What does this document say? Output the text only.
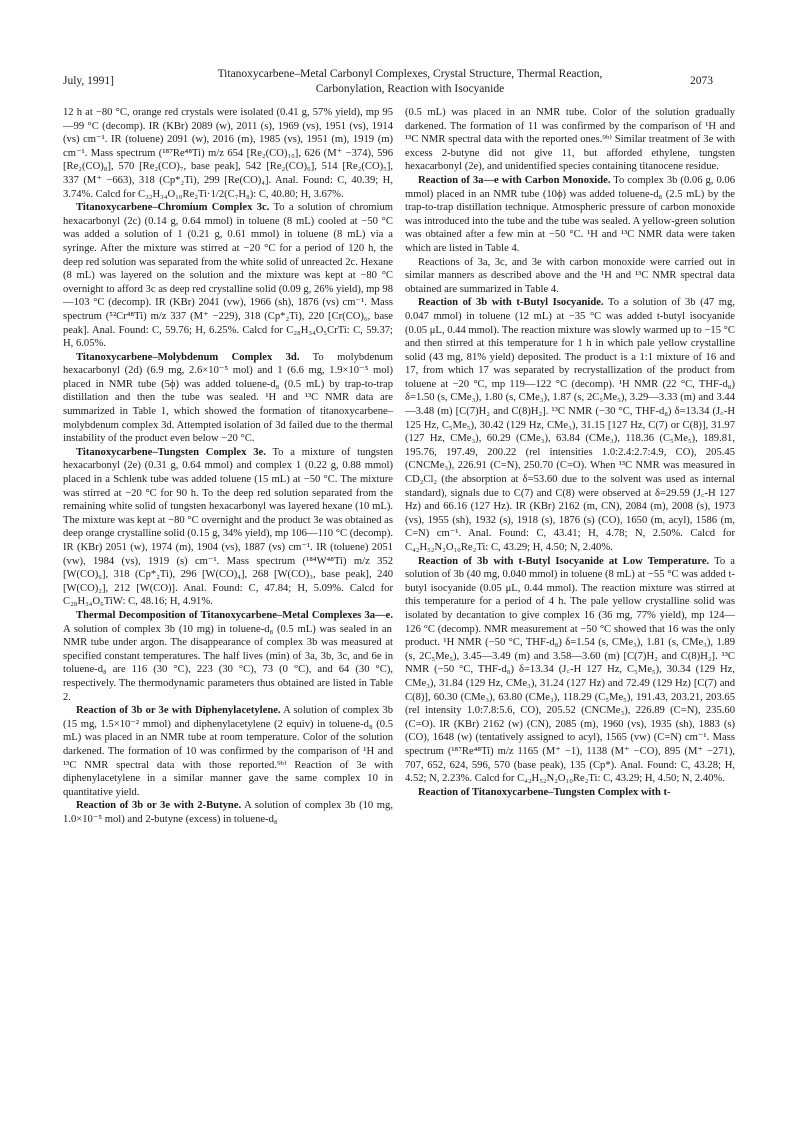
July, 1991]
Titanoxycarbene–Metal Carbonyl Complexes, Crystal Structure, Thermal Reaction,
Carbonylation, Reaction with Isocyanide
2073

12 h at −80 °C, orange red crystals were isolated (0.41 g, 57% yield), mp 95—99 °C (decomp). IR (KBr) 2089 (w), 2011 (s), 1969 (vs), 1951 (vs), 1914 (vs) cm⁻¹. IR (toluene) 2091 (w), 2016 (m), 1985 (vs), 1951 (m), 1919 (m) cm⁻¹. Mass spectrum (¹⁸⁷Re⁴⁸Ti) m/z 654 [Re₂(CO)₁₀], 626 (M⁺ −374), 596 [Re₂(CO)₈], 570 [Re₂(CO)₇, base peak], 542 [Re₂(CO)₆], 514 [Re₂(CO)₅], 337 (M⁺ −663), 318 (Cp*₂Ti), 299 [Re(CO)₄]. Anal. Found: C, 40.39; H, 3.74%. Calcd for C₃₂H₃₄O₁₀Re₂Ti·1/2(C₇H₈): C, 40.80; H, 3.67%.

Titanoxycarbene–Chromium Complex 3c. To a solution of chromium hexacarbonyl (2c) (0.14 g, 0.64 mmol) in toluene (8 mL) cooled at −50 °C was added a solution of 1 (0.21 g, 0.61 mmol) in toluene (8 mL) via a syringe. After the mixture was stirred at −20 °C for a period of 120 h, the deep red solution was separated from the white solid of unreacted 2c. Hexane (8 mL) was layered on the solution and the mixture was kept at −80 °C overnight to afford 3c as deep red crystalline solid (0.09 g, 26% yield), mp 98—103 °C (decomp). IR (KBr) 2041 (vw), 1966 (sh), 1876 (vs) cm⁻¹. Mass spectrum (⁵²Cr⁴⁸Ti) m/z 337 (M⁺ −229), 318 (Cp*₂Ti), 220 [Cr(CO)₆, base peak]. Anal. Found: C, 59.76; H, 6.25%. Calcd for C₂₈H₃₄O₅CrTi: C, 59.37; H, 6.05%.

Titanoxycarbene–Molybdenum Complex 3d. To molybdenum hexacarbonyl (2d) (6.9 mg, 2.6×10⁻⁵ mol) and 1 (6.6 mg, 1.9×10⁻⁵ mol) placed in NMR tube (5ϕ) was added toluene-d₈ (0.5 mL) by trap-to-trap distillation and then the tube was sealed. ¹H and ¹³C NMR data are summarized in Table 1, which showed the formation of titanoxycarbene–molybdenum complex 3d. Attempted isolation of 3d failed due to the thermal instability of the product even below −20 °C.

Titanoxycarbene–Tungsten Complex 3e. To a mixture of tungsten hexacarbonyl (2e) (0.31 g, 0.64 mmol) and complex 1 (0.22 g, 0.88 mmol) placed in a Schlenk tube was added toluene (15 mL) at −50 °C. The mixture was stirred at −20 °C for 90 h. To the deep red solution separated from the remaining white solid of tungsten hexacarbonyl was layered hexane (10 mL). The mixture was kept at −80 °C overnight and the product 3e was obtained as deep orange crystalline solid (0.15 g, 34% yield), mp 106—110 °C (decomp). IR (KBr) 2051 (w), 1974 (m), 1904 (vs), 1887 (vs) cm⁻¹. IR (toluene) 2051 (vw), 1984 (vs), 1919 (s) cm⁻¹. Mass spectrum (¹⁸⁴W⁴⁸Ti) m/z 352 [W(CO)₆], 318 (Cp*₂Ti), 296 [W(CO)₄], 268 [W(CO)₃, base peak], 240 [W(CO)₂], 212 [W(CO)]. Anal. Found: C, 47.84; H, 5.09%. Calcd for C₂₈H₃₄O₆TiW: C, 48.16; H, 4.91%.

Thermal Decomposition of Titanoxycarbene–Metal Complexes 3a—e. A solution of complex 3b (10 mg) in toluene-d₈ (0.5 mL) was sealed in an NMR tube under argon. The disappearance of complex 3b was measured at specified constant temperatures. The half lives (min) of 3a, 3b, 3c, and 6e in toluene-d₈ are 116 (30 °C), 223 (30 °C), 73 (0 °C), and 64 (30 °C), respectively. The thermodynamic parameters thus obtained are listed in Table 2.

Reaction of 3b or 3e with Diphenylacetylene. A solution of complex 3b (15 mg, 1.5×10⁻² mmol) and diphenylacetylene (2 equiv) in toluene-d₈ (0.5 mL) was placed in an NMR tube at room temperature. Color of the solution darkened. The formation of 10 was confirmed by the comparison of ¹H and ¹³C NMR spectral data with those reported.⁹ᵇ⁾ Reaction of 3e with diphenylacetylene in a similar manner gave the same complex 10 in quantitative yield.

Reaction of 3b or 3e with 2-Butyne. A solution of complex 3b (10 mg, 1.0×10⁻⁵ mol) and 2-butyne (excess) in toluene-d₈

(0.5 mL) was placed in an NMR tube. Color of the solution gradually darkened. The formation of 11 was confirmed by the comparison of ¹H and ¹³C NMR spectral data with the reported ones.⁹ᵇ⁾ Similar treatment of 3e with excess 2-butyne did not give 11, but afforded ethylene, tungsten hexacarbonyl (2e), and unidentified species containing titanocene residue.

Reaction of 3a—e with Carbon Monoxide. To complex 3b (0.06 g, 0.06 mmol) placed in an NMR tube (10ϕ) was added toluene-d₈ (2.5 mL) by the trap-to-trap distillation technique. Atmospheric pressure of carbon monoxide was introduced into the tube and the tube was sealed. A yellow-green solution was obtained after a few min at −50 °C. ¹H and ¹³C NMR data were taken which are listed in Table 4.

Reactions of 3a, 3c, and 3e with carbon monoxide were carried out in similar manners as described above and the ¹H and ¹³C NMR spectral data obtained are summarized in Table 4.

Reaction of 3b with t-Butyl Isocyanide. To a solution of 3b (47 mg, 0.047 mmol) in toluene (12 mL) at −35 °C was added t-butyl isocyanide (0.05 μL, 0.44 mmol). The reaction mixture was slowly warmed up to −15 °C and then stirred at this temperature for 1 h in which pale yellow crystalline solid (43 mg, 81% yield) deposited. The product is a 1:1 mixture of 16 and 17, from which 17 was separated by recrystallization of the product from toluene at −20 °C, mp 119—122 °C (decomp). ¹H NMR (22 °C, THF-d₈) δ=1.50 (s, CMe₃), 1.80 (s, CMe₃), 1.87 (s, 2C₅Me₅), 3.29—3.33 (m) and 3.44—3.48 (m) [C(7)H₂ and C(8)H₂]. ¹³C NMR (−30 °C, THF-d₈) δ=13.34 (J꜀-H 125 Hz, C₅Me₅), 30.42 (129 Hz, CMe₃), 31.15 [127 Hz, C(7) or C(8)], 31.97 (127 Hz, CMe₃), 60.29 (CMe₃), 63.84 (CMe₃), 118.36 (C₅Me₅), 189.81, 195.76, 197.49, 200.22 (rel intensities 1.0:2.4:2.7:4.9, CO), 205.45 (CNCMe₃), 226.91 (C=N), 250.70 (C=O). When ¹³C NMR was measured in CD₂Cl₂ (the absorption at δ=53.60 due to the solvent was used as internal standard), signals due to C(7) and C(8) were observed at δ=29.59 (J꜀-H 127 Hz) and 66.16 (127 Hz). IR (KBr) 2162 (m, CN), 2084 (m), 2008 (s), 1973 (vs), 1955 (sh), 1932 (s), 1918 (s), 1876 (s) (CO), 1650 (m, acyl), 1586 (m, C=N) cm⁻¹. Anal. Found: C, 43.41; H, 4.78; N, 2.50%. Calcd for C₄₂H₅₂N₂O₁₀Re₂Ti: C, 43.29; H, 4.50; N, 2.40%.

Reaction of 3b with t-Butyl Isocyanide at Low Temperature. To a solution of 3b (40 mg, 0.040 mmol) in toluene (8 mL) at −55 °C was added t-butyl isocyanide (0.05 μL, 0.44 mmol). The reaction mixture was stirred at this temperature for a period of 4 h. The pale yellow crystalline solid was isolated by decantation to give complex 16 (36 mg, 77% yield), mp 124—126 °C (decomp). NMR measurement at −50 °C showed that 16 was the only product. ¹H NMR (−50 °C, THF-d₈) δ=1.54 (s, CMe₃), 1.81 (s, CMe₃), 1.89 (s, 2C₅Me₅), 3.45—3.49 (m) and 3.58—3.60 (m) [C(7)H₂ and C(8)H₂]. ¹³C NMR (−50 °C, THF-d₈) δ=13.34 (J꜀-H 127 Hz, C₅Me₅), 30.34 (129 Hz, CMe₃), 31.84 (129 Hz, CMe₃), 31.24 (127 Hz) and 72.49 (129 Hz) [C(7) and C(8)], 60.30 (CMe₃), 63.80 (CMe₃), 118.29 (C₅Me₅), 191.43, 203.21, 203.65 (rel intensity 1.0:7.8:5.6, CO), 205.52 (CNCMe₃), 226.89 (C=N), 235.60 (C=O). IR (KBr) 2162 (w) (CN), 2085 (m), 1960 (vs), 1935 (sh), 1883 (s) (CO), 1648 (w) (tentatively assigned to acyl), 1565 (vw) (C=N) cm⁻¹. Mass spectrum (¹⁸⁷Re⁴⁸Ti) m/z 1165 (M⁺ −1), 1138 (M⁺ −CO), 895 (M⁺ −271), 707, 652, 624, 596, 570 (base peak), 135 (Cp*). Anal. Found: C, 43.28; H, 4.52; N, 2.23%. Calcd for C₄₂H₅₂N₂O₁₀Re₂Ti: C, 43.29; H, 4.50; N, 2.40%.

Reaction of Titanoxycarbene–Tungsten Complex with t-
